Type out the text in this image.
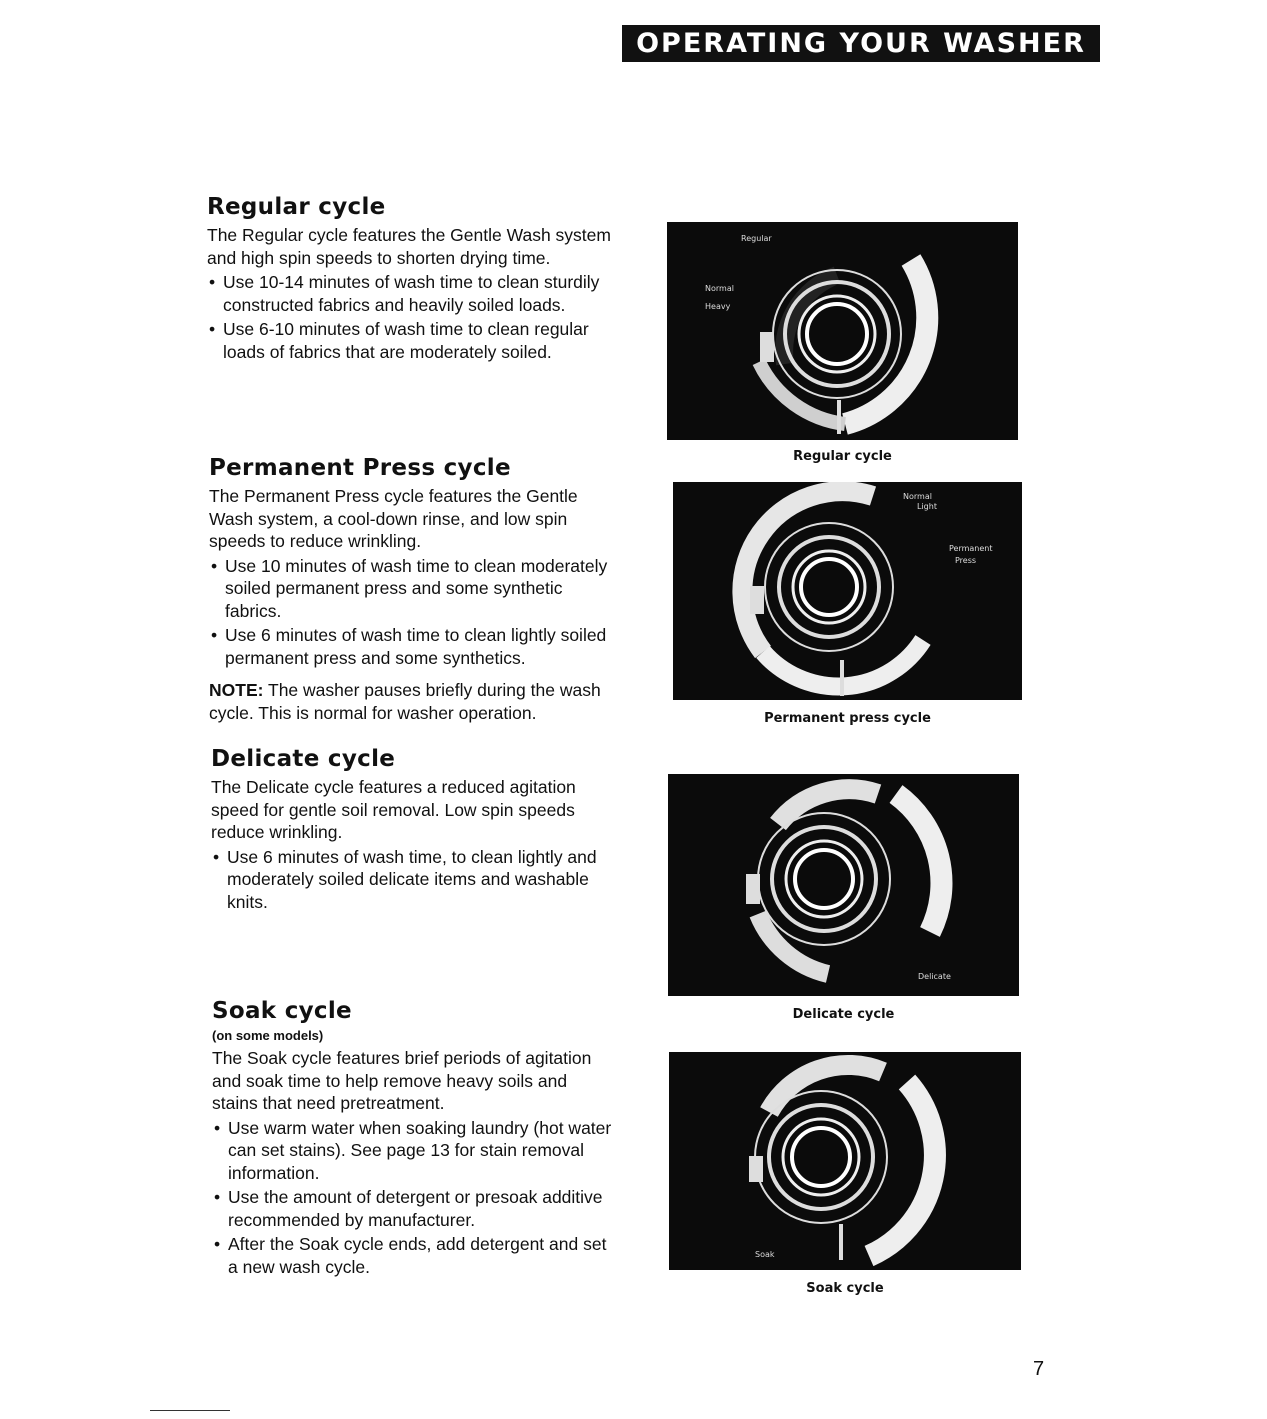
OPERATING YOUR WASHER
Regular cycle

The Regular cycle features the Gentle Wash system and high spin speeds to shorten drying time.

• Use 10-14 minutes of wash time to clean sturdily constructed fabrics and heavily soiled loads.
• Use 6-10 minutes of wash time to clean regular loads of fabrics that are moderately soiled.
Permanent Press cycle

The Permanent Press cycle features the Gentle Wash system, a cool-down rinse, and low spin speeds to reduce wrinkling.

• Use 10 minutes of wash time to clean moderately soiled permanent press and some synthetic fabrics.
• Use 6 minutes of wash time to clean lightly soiled permanent press and some synthetics.

NOTE: The washer pauses briefly during the wash cycle. This is normal for washer operation.

Delicate cycle

The Delicate cycle features a reduced agitation speed for gentle soil removal. Low spin speeds reduce wrinkling.

• Use 6 minutes of wash time, to clean lightly and moderately soiled delicate items and washable knits.
Soak cycle
(on some models)

The Soak cycle features brief periods of agitation and soak time to help remove heavy soils and stains that need pretreatment.

• Use warm water when soaking laundry (hot water can set stains). See page 13 for stain removal information.
• Use the amount of detergent or presoak additive recommended by manufacturer.
• After the Soak cycle ends, add detergent and set a new wash cycle.
Regular
Normal
Heavy
Regular cycle
Normal
Light
Permanent
Press
Permanent press cycle
Delicate
Delicate cycle
Soak
Soak cycle
7
